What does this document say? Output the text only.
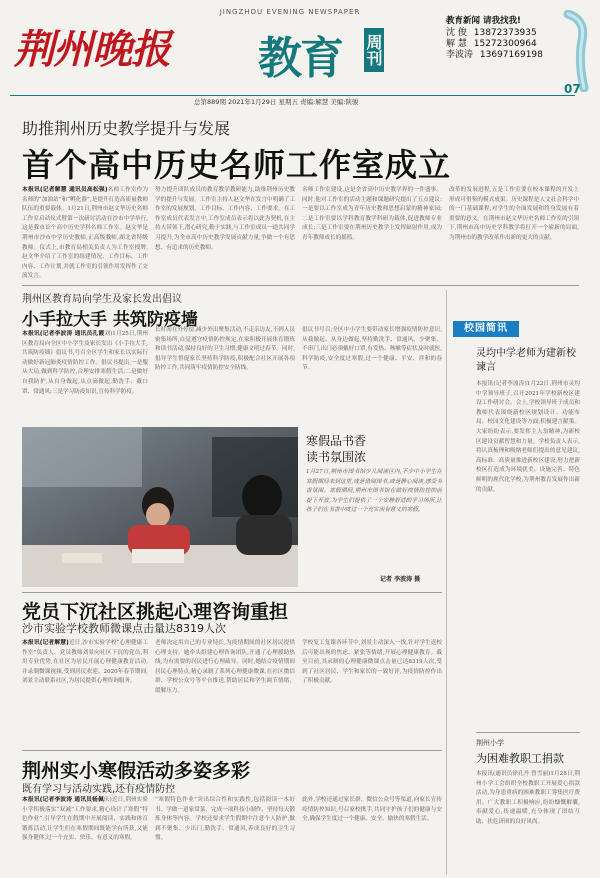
荆州晚报
JINGZHOU EVENING NEWSPAPER
教育 周刊
教育新闻 请我找我!
沈 俊 13872373935
解 慧 15272300964
李波涛 13697169198
总第889期 2021年1月29日 星期五 责编:解慧 美编:陕骏
07
助推荆州历史教学提升与发展
首个高中历史名师工作室成立
本报讯(记者解慧 通讯员高松强)名师工作室作为名师的“加油站”和“孵化器”,是提升打造高质量教师队伍的重要载体。1月21日,荆州市赵文华历史名师工作室启动仪式暨第一次研讨活动在沙市中学举行,这是我市首个高中历史学科名师工作室。赵文华是荆州市沙市中学历史教师,正高级教师,湖北省特级教师。仪式上,市教育局相关负责人为工作室授牌,赵文华介绍了工作室的组建情况、工作目标、工作内容、工作计划,并就工作室的引领作用发挥作了交流发言。
努力提升团队成员的教育教学教研能力,助推荆州历史教学的提升与发展。工作室主持人赵文华在发言中明确了工作室的发展规划、工作目标、工作内容、工作要求。在工作室成员代表发言中,工作室成员表示将以此为契机,在主持人带领下,潜心研究,勤于实践,与工作室成员一道共同学习提升,为全市高中历史教学发展贡献力量,争做一个有思想、有追求的历史教师。
名师工作室建设,这是全省高中历史教学界的一件盛事。同时,他对工作室的活动主题和课题研究提出了五点建议:一是要以工作室成为青年历史教师思想启蒙的精神家园;二是工作室要以学科教育教学科研为载体,促进教师专业成长;三是工作室要在荆州历史教学上发挥辐射作用,成为青年教师成长的摇篮。
改革的发展进程,五是工作室要在校本课程的开发上形成可借鉴的模式成果。历史课程是人文社会科学中的一门基础课程,对学生的全面发展和终身发展有着重要的意义。在荆州市赵文华历史名师工作室的引领下,荆州市高中历史学科教学将打开一个崭新的局面,为荆州市的教学改革作出新的更大的贡献。
荆州区教育局向学生及家长发出倡议
小手拉大手 共筑防疫墙
本报讯(记者李波涛 通讯员孔霞刘)1月25日,荆州区教育局向全区中小学生及家长发出《小手拉大手,共筑防疫墙》倡议书,号召全区学生和家长以实际行动做好新冠肺炎疫情防控工作。倡议书提出,一是服从大局,做到科学防控,合理安排寒假生活;二是做好自我防护,从自身做起,从点滴做起,勤洗手、戴口罩、常通风;三是学习防疫知识,宣传科学防疫。
长时间在外停留,减少外出聚集活动,不走亲访友,不到人员密集场所,自觉遵守疫情防控规定,在家积极开展体育锻炼和读书活动,保持良好的卫生习惯,健康文明过春节。同时,倡导学生督促家长坚持科学防疫,积极配合社区开展各项防控工作,共同筑牢疫情防控安全防线。
倡议书号召,全区中小学生要带动家长增强疫情防控意识,从我做起、从身边做起,坚持勤洗手、常通风、少聚集、不串门,出门必须戴好口罩,有发热、咳嗽等症状及时就医,科学防疫,安全度过寒假,过一个健康、平安、祥和的春节。
寒假品书香
读书氛围浓
1月27日,荆州市图书馆少儿阅读区内,不少中小学生在寒假期间来到这里,或是借阅图书,或是静心阅读,感受书香氛围。寒假期间,荆州市图书馆在做好疫情防控的前提下开放,为学生们提供了一个安静舒适的学习场所,让孩子们在书香中度过一个充实而有意义的寒假。
记者 李波涛 摄
党员下沉社区挑起心理咨询重担
沙市实验学校教师微课点击量达8319人次
本报讯(记者解慧)近日,沙市实验学校“心理健康工作室”负责人、党员教师刘景向社区下沉的党员,利用专业优势,在社区为居民开展心理健康教育活动,并录制微课视频,受到居民欢迎。2020年春节期间,刘景主动联系社区,为居民提供心理咨询服务。
老师决定用自己的专业特长,为疫情期间的社区居民提供心理支持。她牵头组建心理咨询团队,开通了心理援助热线,为有需要的居民进行心理疏导。同时,她结合疫情期间居民心理特点,精心录制了系列心理健康微课,在社区微信群、学校公众号等平台推送,帮助居民和学生调节情绪、缓解压力。
学校复工复课各环节中,刘景主动深入一线,针对学生返校后可能出现的焦虑、紧张等情绪,开展心理健康教育。截至目前,其录制的心理健康微课点击量已达8319人次,受到了社区居民、学生和家长的一致好评,为疫情防控作出了积极贡献。
荆州实小寒假活动多姿多彩
既有学习与活动实践,还有疫情防控
本报讯(记者李波涛 通讯员杨佩庆)近日,荆州实验小学积极落实“双减”工作要求,精心设计了寒假“特色作业”,引导学生在假期中开展阅读、实践和体育锻炼活动,让学生们在寒假期间既能学有所获,又能强身健体,过一个充实、快乐、有意义的寒假。
“寒假特色作业”突出综合性和实践性,包括阅读一本好书、学做一道家常菜、完成一项科技小制作、坚持每天锻炼身体等内容。学校还要求学生假期中注意个人防护,做到不聚集、少出门,勤洗手、常通风,养成良好的卫生习惯。
此外,学校还通过家长群、微信公众号等渠道,向家长宣传疫情防控知识,号召家校携手,共同守护孩子们的健康与安全,确保学生度过一个健康、安全、愉快的寒假生活。
校园简讯
灵均中学老师为建新校谏言
本报讯(记者李波涛)1月22日,荆州市灵均中学领导班子,召开2021年学校新校区建设工作研讨会。会上,学校领导班子成员和教师代表围绕新校区规划设计、功能布局、校园文化建设等方面,积极建言献策。大家纷纷表示,要发挥主人翁精神,为新校区建设贡献智慧和力量。学校负责人表示,将认真梳理和吸纳老师们提出的意见建议,高标准、高质量推进新校区建设,努力把新校区打造成为环境优美、设施完善、特色鲜明的现代化学校,为荆州教育发展作出新的贡献。
荆州小学
为困难教职工捐款
本报讯(通讯员徐孔丹 曾雪丽)1月28日,荆州小学工会组织全校教职工开展爱心捐款活动,为身患重病的困难教职工筹集医疗费用。广大教职工积极响应,纷纷慷慨解囊,奉献爱心,传递温暖,充分体现了团结互助、扶危济困的良好风尚。
